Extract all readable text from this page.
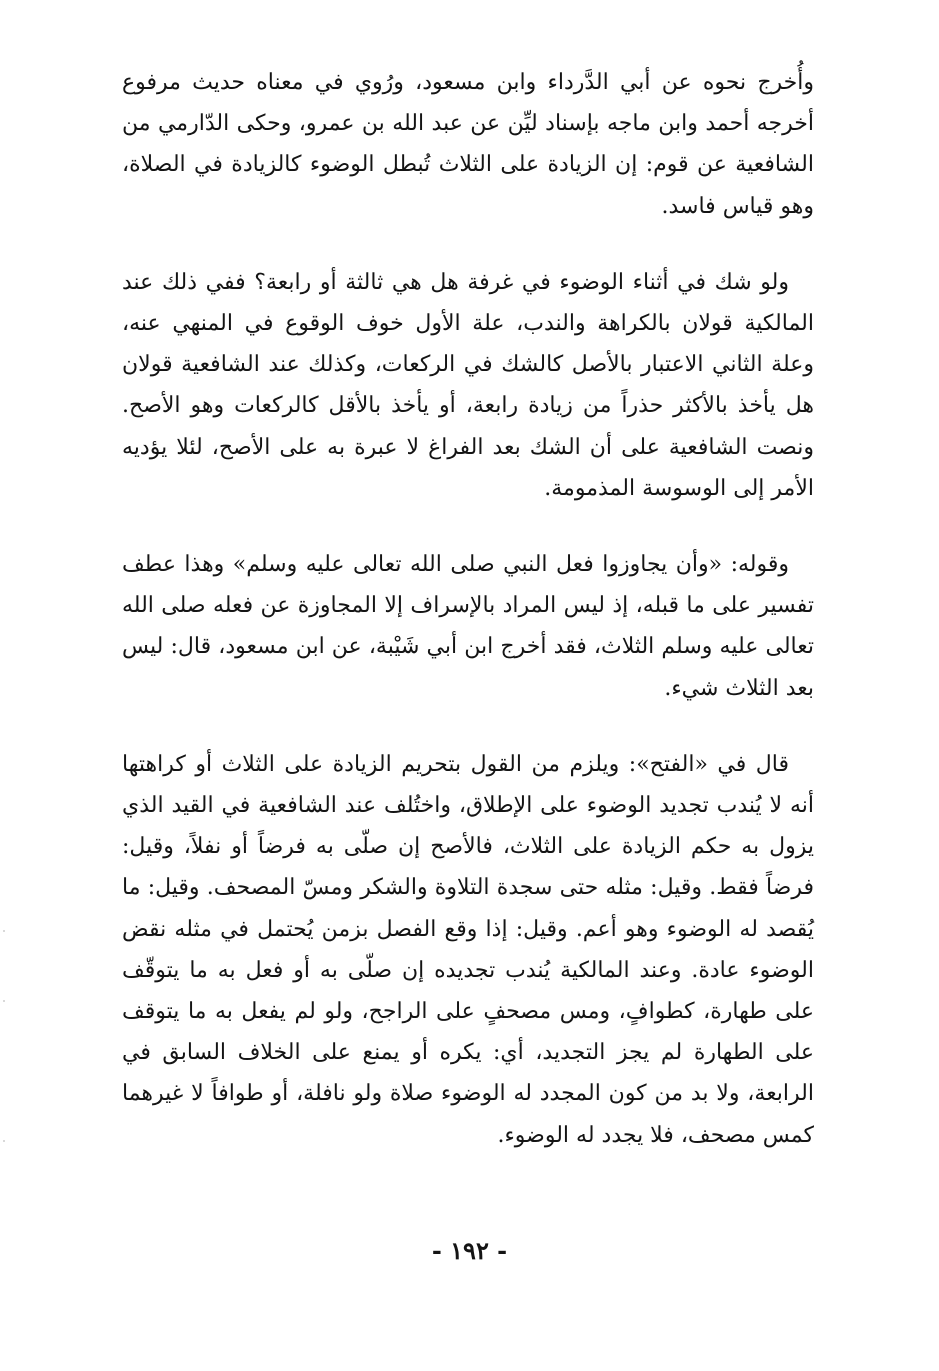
وأُخرج نحوه عن أبي الدَّرداء وابن مسعود، ورُوي في معناه حديث مرفوع أخرجه أحمد وابن ماجه بإسناد ليِّن عن عبد الله بن عمرو، وحكى الدّارمي من الشافعية عن قوم: إن الزيادة على الثلاث تُبطل الوضوء كالزيادة في الصلاة، وهو قياس فاسد.

ولو شك في أثناء الوضوء في غرفة هل هي ثالثة أو رابعة؟ ففي ذلك عند المالكية قولان بالكراهة والندب، علة الأول خوف الوقوع في المنهي عنه، وعلة الثاني الاعتبار بالأصل كالشك في الركعات، وكذلك عند الشافعية قولان هل يأخذ بالأكثر حذراً من زيادة رابعة، أو يأخذ بالأقل كالركعات وهو الأصح. ونصت الشافعية على أن الشك بعد الفراغ لا عبرة به على الأصح، لئلا يؤديه الأمر إلى الوسوسة المذمومة.

وقوله: «وأن يجاوزوا فعل النبي صلى الله تعالى عليه وسلم» وهذا عطف تفسير على ما قبله، إذ ليس المراد بالإسراف إلا المجاوزة عن فعله صلى الله تعالى عليه وسلم الثلاث، فقد أخرج ابن أبي شَيْبة، عن ابن مسعود، قال: ليس بعد الثلاث شيء.

قال في «الفتح»: ويلزم من القول بتحريم الزيادة على الثلاث أو كراهتها أنه لا يُندب تجديد الوضوء على الإطلاق، واختُلف عند الشافعية في القيد الذي يزول به حكم الزيادة على الثلاث، فالأصح إن صلّى به فرضاً أو نفلاً، وقيل: فرضاً فقط. وقيل: مثله حتى سجدة التلاوة والشكر ومسّ المصحف. وقيل: ما يُقصد له الوضوء وهو أعم. وقيل: إذا وقع الفصل بزمن يُحتمل في مثله نقض الوضوء عادة. وعند المالكية يُندب تجديده إن صلّى به أو فعل به ما يتوقّف على طهارة، كطوافٍ، ومس مصحفٍ على الراجح، ولو لم يفعل به ما يتوقف على الطهارة لم يجز التجديد، أي: يكره أو يمنع على الخلاف السابق في الرابعة، ولا بد من كون المجدد له الوضوء صلاة ولو نافلة، أو طوافاً لا غيرهما كمس مصحف، فلا يجدد له الوضوء.

- ١٩٢ -
